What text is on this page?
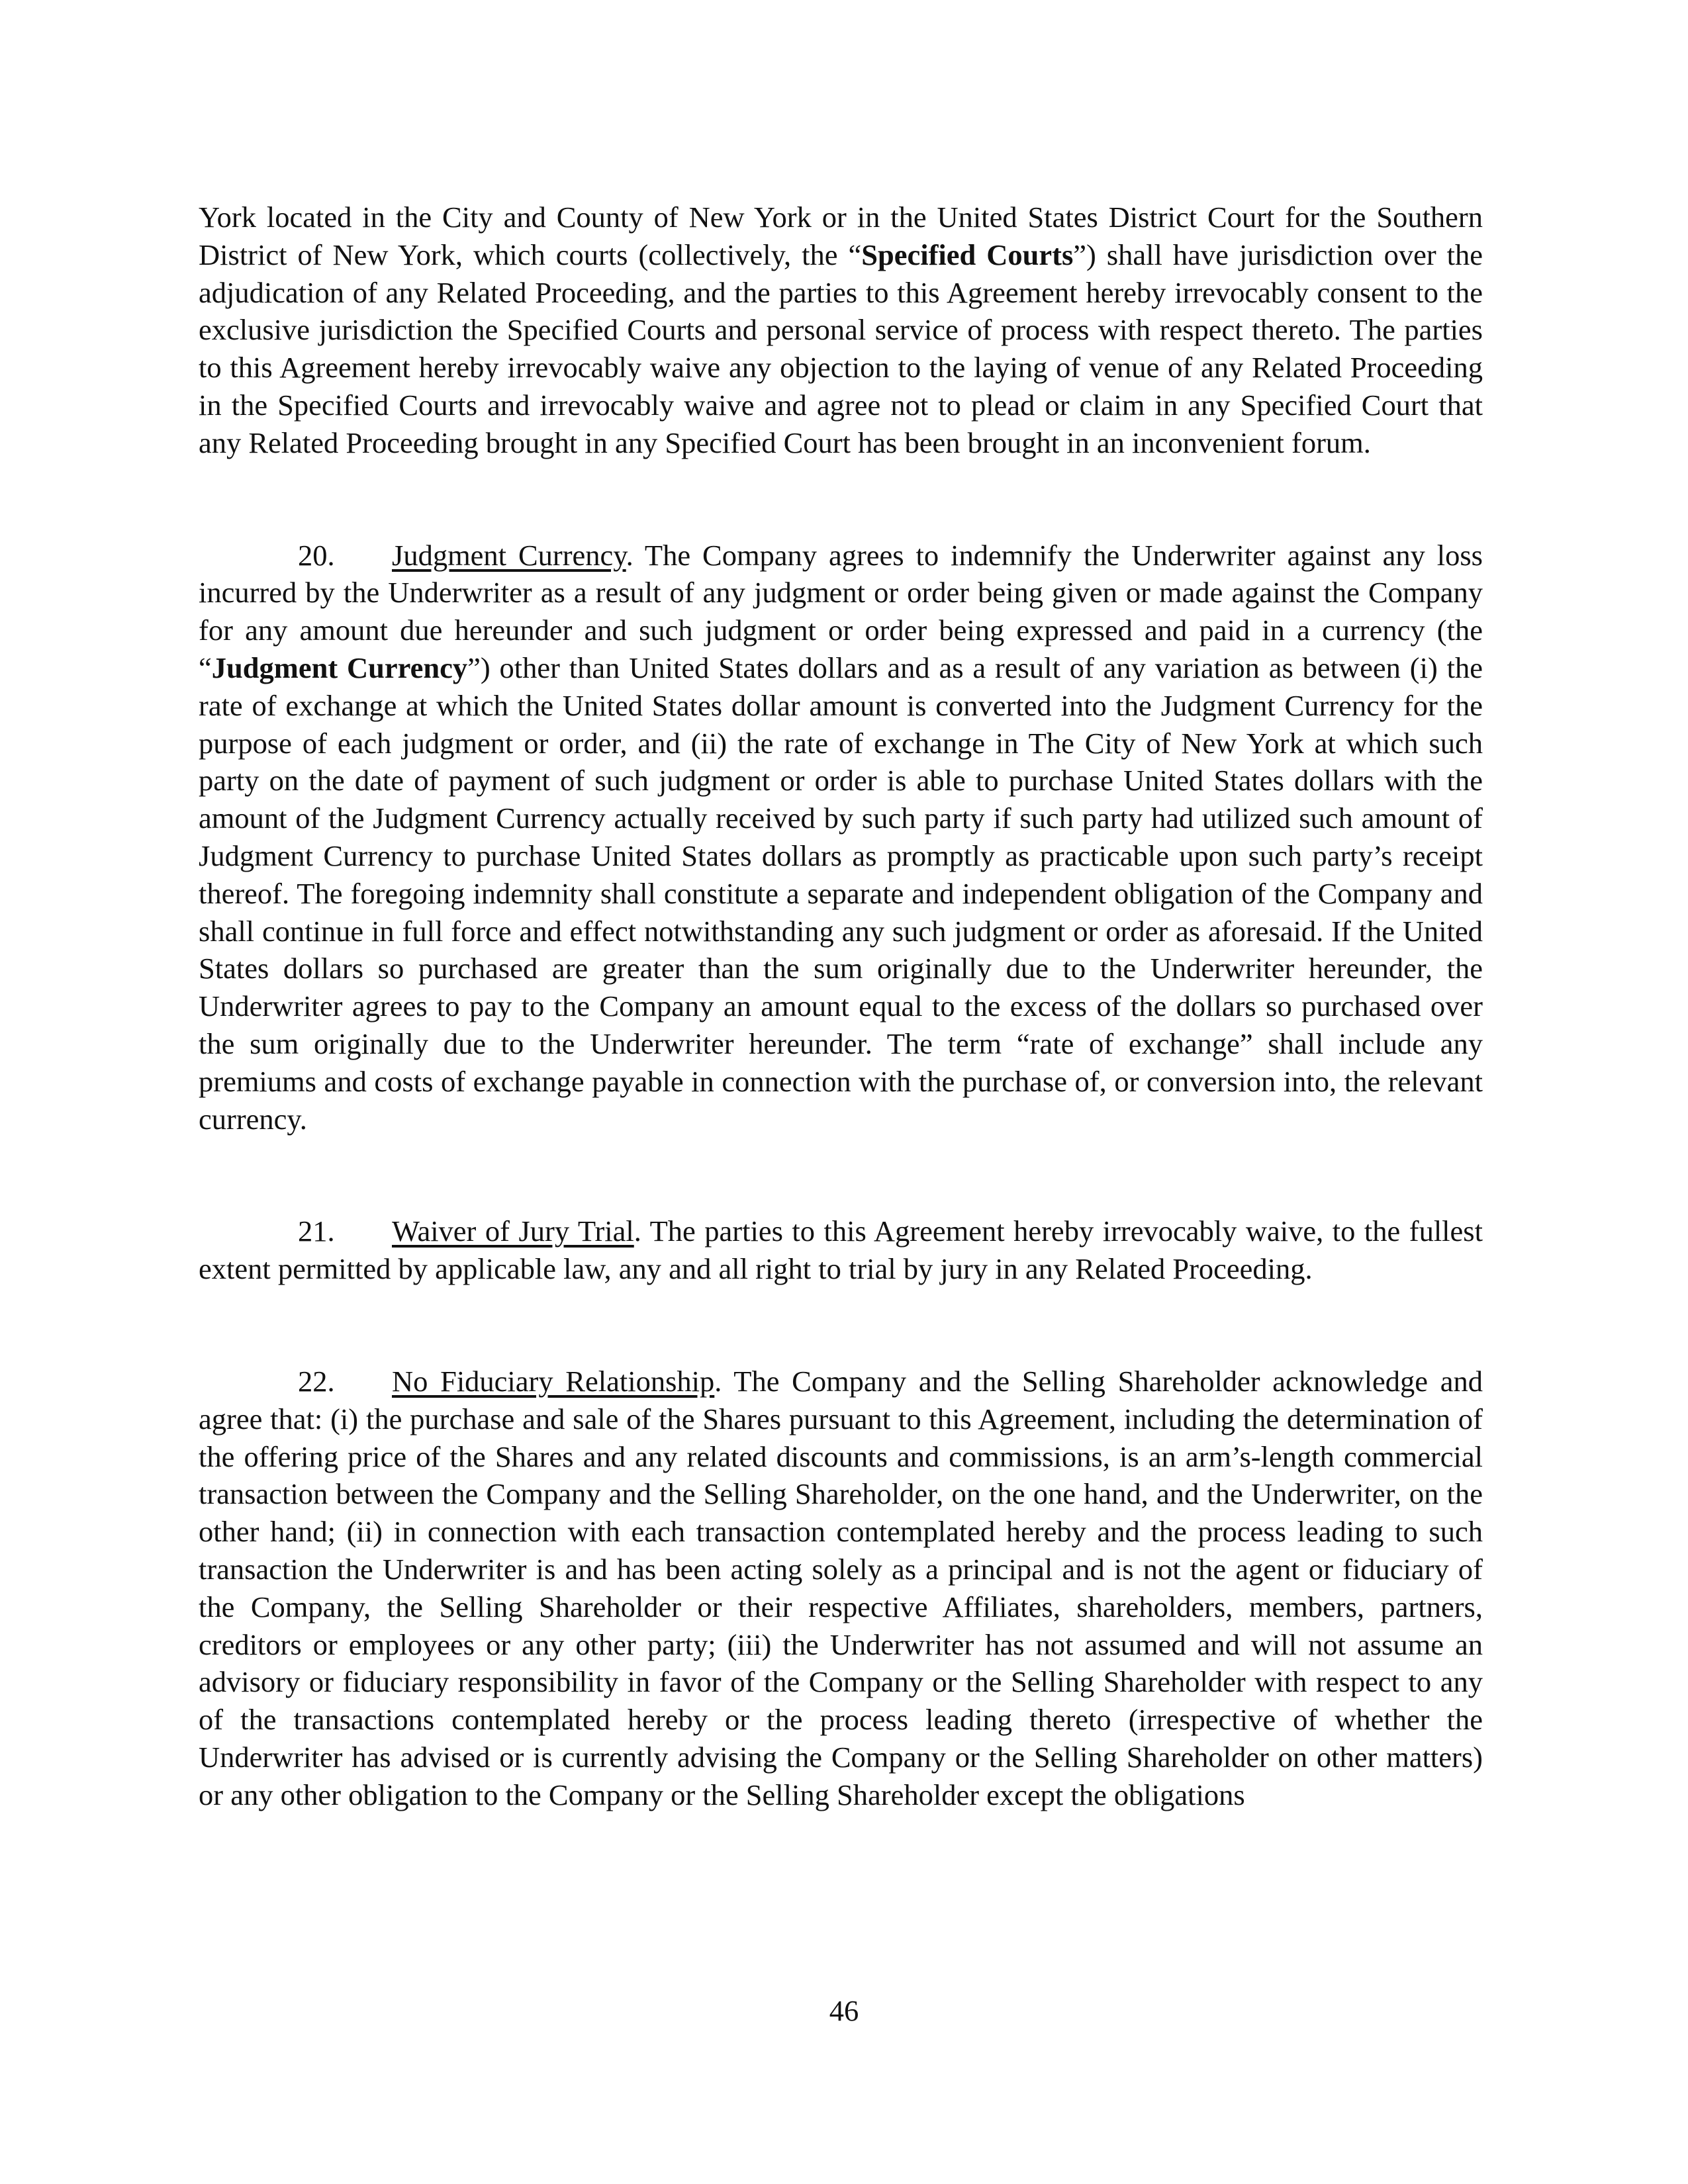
York located in the City and County of New York or in the United States District Court for the Southern District of New York, which courts (collectively, the “Specified Courts”) shall have jurisdiction over the adjudication of any Related Proceeding, and the parties to this Agreement hereby irrevocably consent to the exclusive jurisdiction the Specified Courts and personal service of process with respect thereto. The parties to this Agreement hereby irrevocably waive any objection to the laying of venue of any Related Proceeding in the Specified Courts and irrevocably waive and agree not to plead or claim in any Specified Court that any Related Proceeding brought in any Specified Court has been brought in an inconvenient forum.

20. Judgment Currency. The Company agrees to indemnify the Underwriter against any loss incurred by the Underwriter as a result of any judgment or order being given or made against the Company for any amount due hereunder and such judgment or order being expressed and paid in a currency (the “Judgment Currency”) other than United States dollars and as a result of any variation as between (i) the rate of exchange at which the United States dollar amount is converted into the Judgment Currency for the purpose of each judgment or order, and (ii) the rate of exchange in The City of New York at which such party on the date of payment of such judgment or order is able to purchase United States dollars with the amount of the Judgment Currency actually received by such party if such party had utilized such amount of Judgment Currency to purchase United States dollars as promptly as practicable upon such party’s receipt thereof. The foregoing indemnity shall constitute a separate and independent obligation of the Company and shall continue in full force and effect notwithstanding any such judgment or order as aforesaid. If the United States dollars so purchased are greater than the sum originally due to the Underwriter hereunder, the Underwriter agrees to pay to the Company an amount equal to the excess of the dollars so purchased over the sum originally due to the Underwriter hereunder. The term “rate of exchange” shall include any premiums and costs of exchange payable in connection with the purchase of, or conversion into, the relevant currency.

21. Waiver of Jury Trial. The parties to this Agreement hereby irrevocably waive, to the fullest extent permitted by applicable law, any and all right to trial by jury in any Related Proceeding.

22. No Fiduciary Relationship. The Company and the Selling Shareholder acknowledge and agree that: (i) the purchase and sale of the Shares pursuant to this Agreement, including the determination of the offering price of the Shares and any related discounts and commissions, is an arm’s-length commercial transaction between the Company and the Selling Shareholder, on the one hand, and the Underwriter, on the other hand; (ii) in connection with each transaction contemplated hereby and the process leading to such transaction the Underwriter is and has been acting solely as a principal and is not the agent or fiduciary of the Company, the Selling Shareholder or their respective Affiliates, shareholders, members, partners, creditors or employees or any other party; (iii) the Underwriter has not assumed and will not assume an advisory or fiduciary responsibility in favor of the Company or the Selling Shareholder with respect to any of the transactions contemplated hereby or the process leading thereto (irrespective of whether the Underwriter has advised or is currently advising the Company or the Selling Shareholder on other matters) or any other obligation to the Company or the Selling Shareholder except the obligations

46
